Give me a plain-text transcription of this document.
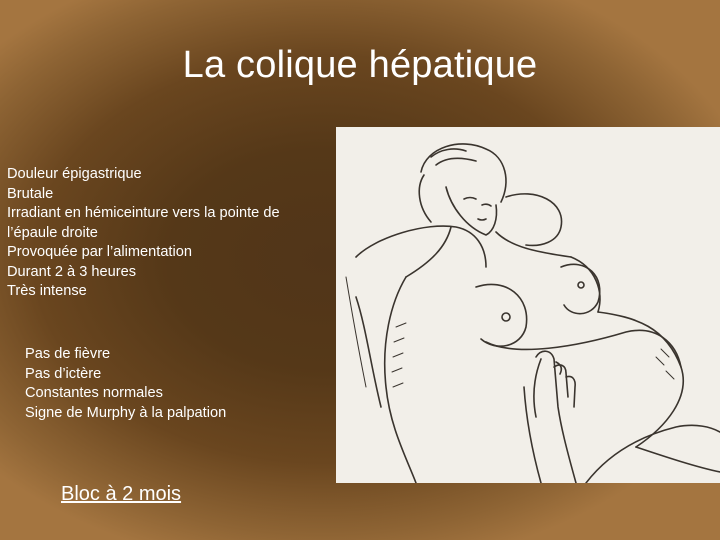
La colique hépatique
Douleur épigastrique
Brutale
Irradiant en hémiceinture vers la pointe de
l’épaule droite
Provoquée par l’alimentation
Durant 2 à 3 heures
Très intense
Pas de fièvre
Pas d’ictère
Constantes normales
Signe de Murphy à la palpation
Bloc à 2 mois
